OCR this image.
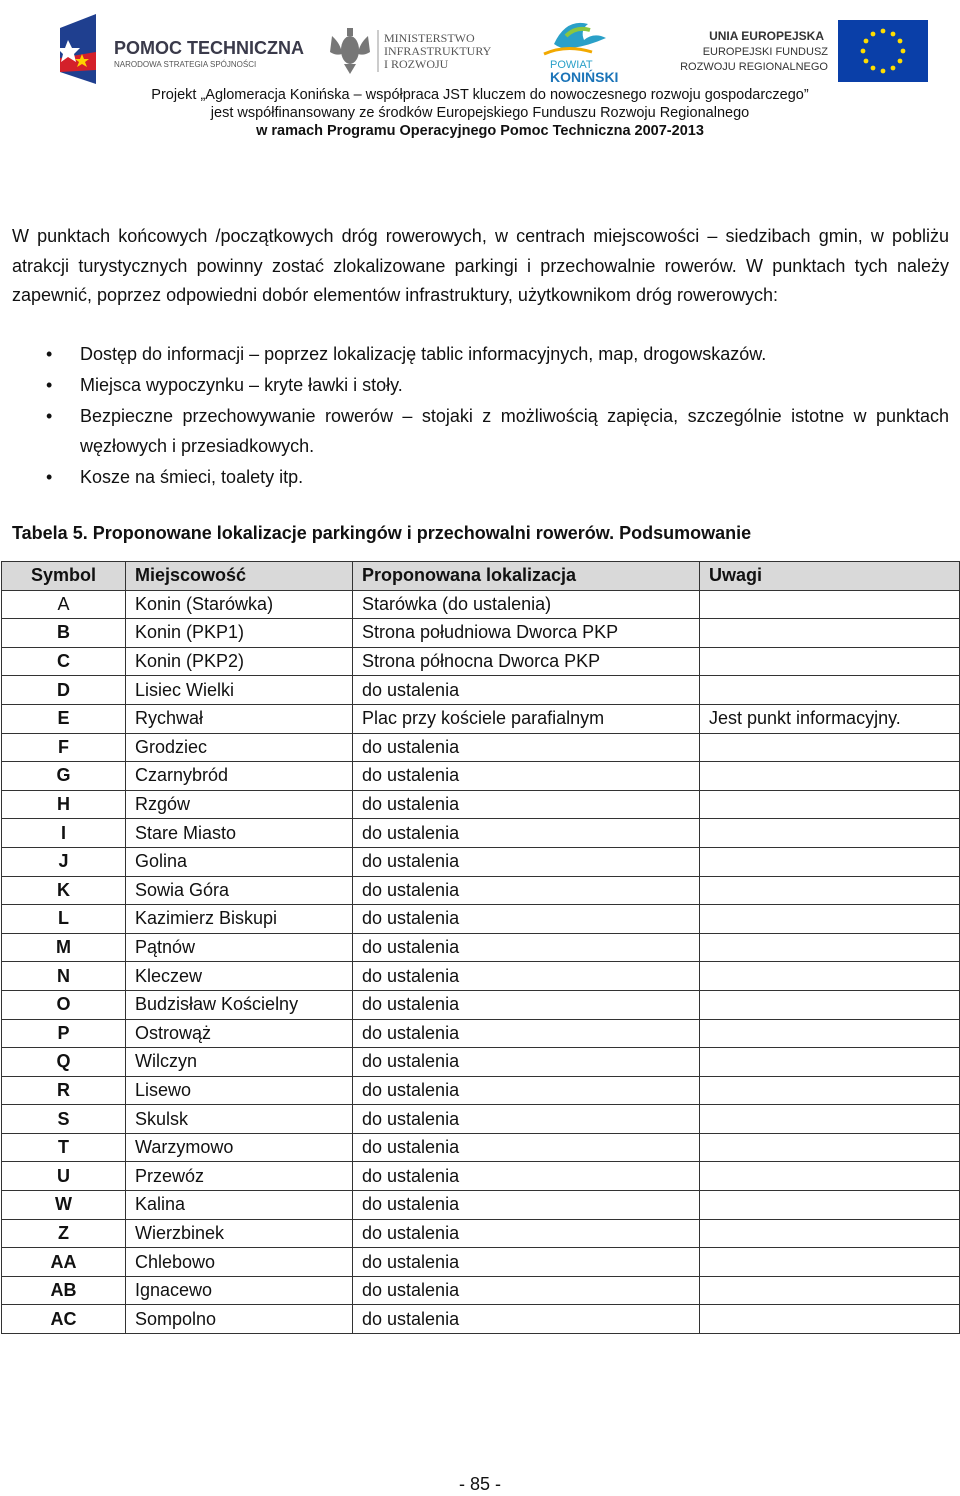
POMOC TECHNICZNA
NARODOWA STRATEGIA SPÓJNOŚCI
MINISTERSTWO
INFRASTRUKTURY
I ROZWOJU	POWIAT
KONIŃSKI
UNIA EUROPEJSKA
EUROPEJSKI FUNDUSZ
ROZWOJU REGIONALNEGO
Projekt „Aglomeracja Konińska – współpraca JST kluczem do nowoczesnego rozwoju gospodarczego”
jest współfinansowany ze środków Europejskiego Funduszu Rozwoju Regionalnego
w ramach Programu Operacyjnego Pomoc Techniczna 2007-2013
W punktach końcowych /początkowych dróg rowerowych, w centrach miejscowości – siedzibach gmin, w pobliżu atrakcji turystycznych powinny zostać zlokalizowane parkingi i przechowalnie rowerów. W punktach tych należy zapewnić, poprzez odpowiedni dobór elementów infrastruktury, użytkownikom dróg rowerowych:
• Dostęp do informacji – poprzez lokalizację tablic informacyjnych, map, drogowskazów.
• Miejsca wypoczynku – kryte ławki i stoły.
• Bezpieczne przechowywanie rowerów – stojaki z możliwością zapięcia, szczególnie istotne w punktach węzłowych i przesiadkowych.
• Kosze na śmieci, toalety itp.
Tabela 5. Proponowane lokalizacje parkingów i przechowalni rowerów. Podsumowanie
Symbol	Miejscowość	Proponowana lokalizacja	Uwagi
A	Konin (Starówka)	Starówka (do ustalenia)	
B	Konin (PKP1)	Strona południowa Dworca PKP	
C	Konin (PKP2)	Strona północna Dworca PKP	
D	Lisiec Wielki	do ustalenia	
E	Rychwał	Plac przy kościele parafialnym	Jest punkt informacyjny.
F	Grodziec	do ustalenia	
G	Czarnybród	do ustalenia	
H	Rzgów	do ustalenia	
I	Stare Miasto	do ustalenia	
J	Golina	do ustalenia	
K	Sowia Góra	do ustalenia	
L	Kazimierz Biskupi	do ustalenia	
M	Pątnów	do ustalenia	
N	Kleczew	do ustalenia	
O	Budzisław Kościelny	do ustalenia	
P	Ostrowąż	do ustalenia	
Q	Wilczyn	do ustalenia	
R	Lisewo	do ustalenia	
S	Skulsk	do ustalenia	
T	Warzymowo	do ustalenia	
U	Przewóz	do ustalenia	
W	Kalina	do ustalenia	
Z	Wierzbinek	do ustalenia	
AA	Chlebowo	do ustalenia	
AB	Ignacewo	do ustalenia	
AC	Sompolno	do ustalenia	
- 85 -
